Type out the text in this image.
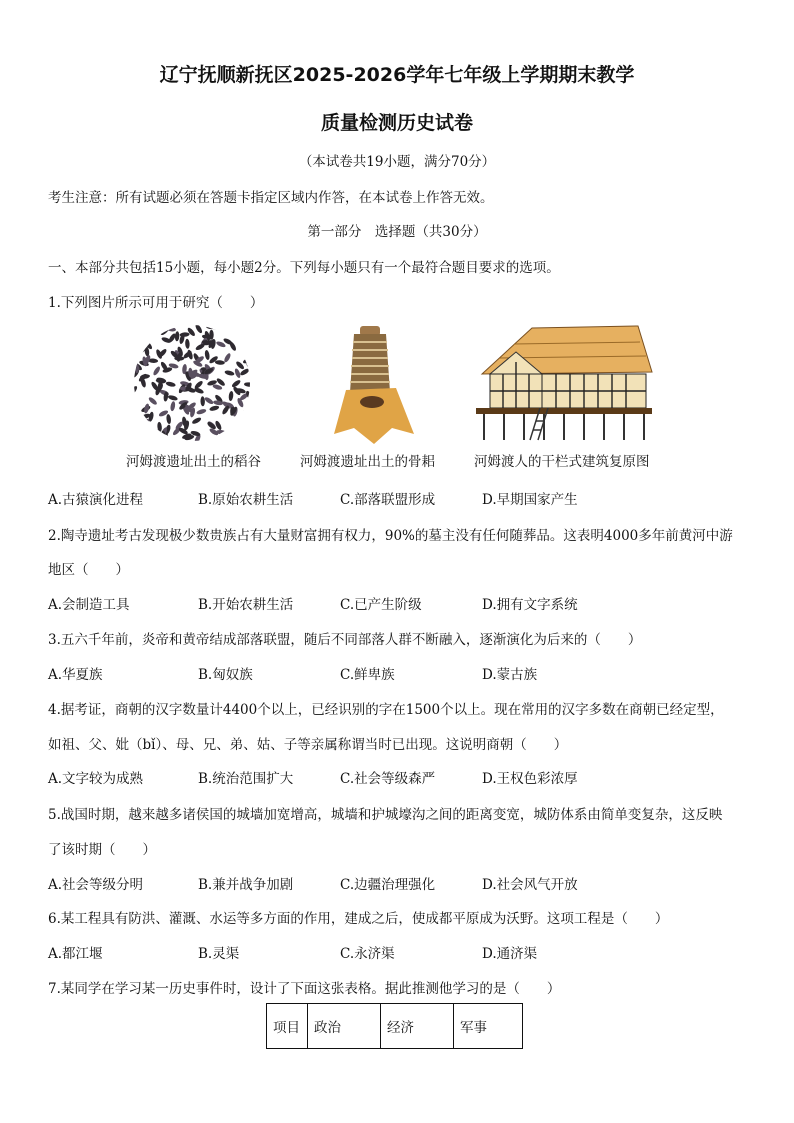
辽宁抚顺新抚区2025-2026学年七年级上学期期末教学
质量检测历史试卷
（本试卷共19小题，满分70分）
考生注意：所有试题必须在答题卡指定区域内作答，在本试卷上作答无效。
第一部分　选择题（共30分）
一、本部分共包括15小题，每小题2分。下列每小题只有一个最符合题目要求的选项。
1.下列图片所示可用于研究（　　）
河姆渡遗址出土的稻谷	河姆渡遗址出土的骨耜	河姆渡人的干栏式建筑复原图
A.古猿演化进程	B.原始农耕生活	C.部落联盟形成	D.早期国家产生
2.陶寺遗址考古发现极少数贵族占有大量财富拥有权力，90%的墓主没有任何随葬品。这表明4000多年前黄河中游
地区（　　）
A.会制造工具	B.开始农耕生活	C.已产生阶级	D.拥有文字系统
3.五六千年前，炎帝和黄帝结成部落联盟，随后不同部落人群不断融入，逐渐演化为后来的（　　）
A.华夏族	B.匈奴族	C.鲜卑族	D.蒙古族
4.据考证，商朝的汉字数量计4400个以上，已经识别的字在1500个以上。现在常用的汉字多数在商朝已经定型，
如祖、父、妣（bǐ）、母、兄、弟、姑、子等亲属称谓当时已出现。这说明商朝（　　）
A.文字较为成熟	B.统治范围扩大	C.社会等级森严	D.王权色彩浓厚
5.战国时期，越来越多诸侯国的城墙加宽增高，城墙和护城壕沟之间的距离变宽，城防体系由简单变复杂，这反映
了该时期（　　）
A.社会等级分明	B.兼并战争加剧	C.边疆治理强化	D.社会风气开放
6.某工程具有防洪、灌溉、水运等多方面的作用，建成之后，使成都平原成为沃野。这项工程是（　　）
A.都江堰	B.灵渠	C.永济渠	D.通济渠
7.某同学在学习某一历史事件时，设计了下面这张表格。据此推测他学习的是（　　）
项目	政治	经济	军事
